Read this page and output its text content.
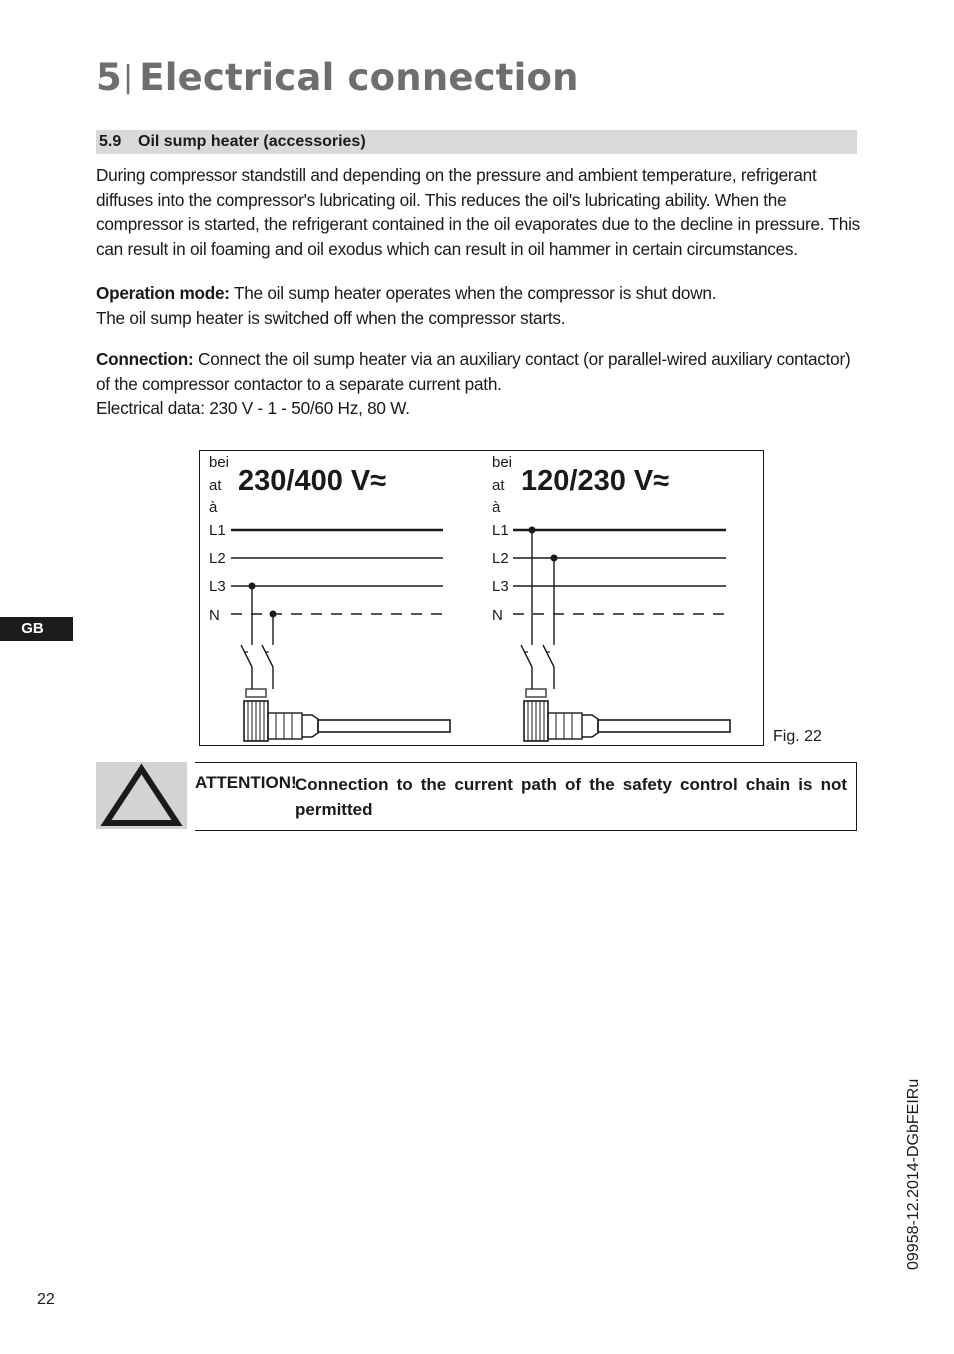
5| Electrical connection
5.9 Oil sump heater (accessories)
During compressor standstill and depending on the pressure and ambient temperature, refrigerant diffuses into the compressor's lubricating oil. This reduces the oil's lubricating ability. When the compressor is started, the refrigerant contained in the oil evaporates due to the decline in pressure. This can result in oil foaming and oil exodus which can result in oil hammer in certain circumstances.
Operation mode: The oil sump heater operates when the compressor is shut down.
The oil sump heater is switched off when the compressor starts.
Connection: Connect the oil sump heater via an auxiliary contact (or parallel-wired auxiliary contactor) of the compressor contactor to a separate current path.
Electrical data: 230 V - 1 - 50/60 Hz, 80 W.
GB
bei
at
à
230/400 V≈
L1
L2
L3
N
bei
at
à
120/230 V≈
L1
L2
L3
N
Fig. 22
ATTENTION!
Connection to the current path of the safety control chain is not permitted
09958-12.2014-DGbFEIRu
22
